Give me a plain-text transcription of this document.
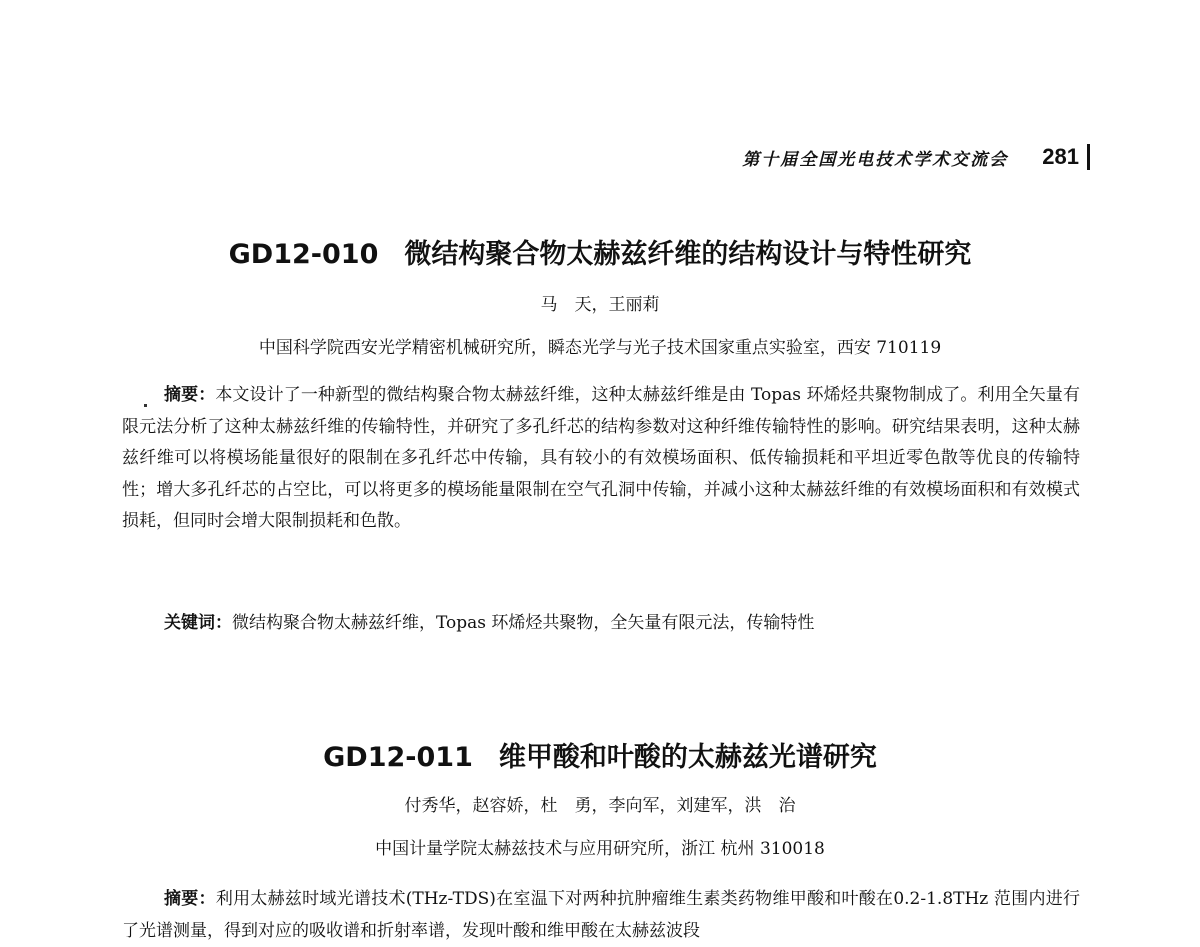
第十届全国光电技术学术交流会 281
GD12-010 微结构聚合物太赫兹纤维的结构设计与特性研究
马　天，王丽莉
中国科学院西安光学精密机械研究所，瞬态光学与光子技术国家重点实验室，西安 710119

摘要：本文设计了一种新型的微结构聚合物太赫兹纤维，这种太赫兹纤维是由 Topas 环烯烃共聚物制成了。利用全矢量有限元法分析了这种太赫兹纤维的传输特性，并研究了多孔纤芯的结构参数对这种纤维传输特性的影响。研究结果表明，这种太赫兹纤维可以将模场能量很好的限制在多孔纤芯中传输，具有较小的有效模场面积、低传输损耗和平坦近零色散等优良的传输特性；增大多孔纤芯的占空比，可以将更多的模场能量限制在空气孔洞中传输，并减小这种太赫兹纤维的有效模场面积和有效模式损耗，但同时会增大限制损耗和色散。

关键词：微结构聚合物太赫兹纤维，Topas 环烯烃共聚物，全矢量有限元法，传输特性
GD12-011 维甲酸和叶酸的太赫兹光谱研究
付秀华，赵容娇，杜　勇，李向军，刘建军，洪　治
中国计量学院太赫兹技术与应用研究所，浙江 杭州 310018

摘要：利用太赫兹时域光谱技术(THz-TDS)在室温下对两种抗肿瘤维生素类药物维甲酸和叶酸在0.2-1.8THz 范围内进行了光谱测量，得到对应的吸收谱和折射率谱，发现叶酸和维甲酸在太赫兹波段
